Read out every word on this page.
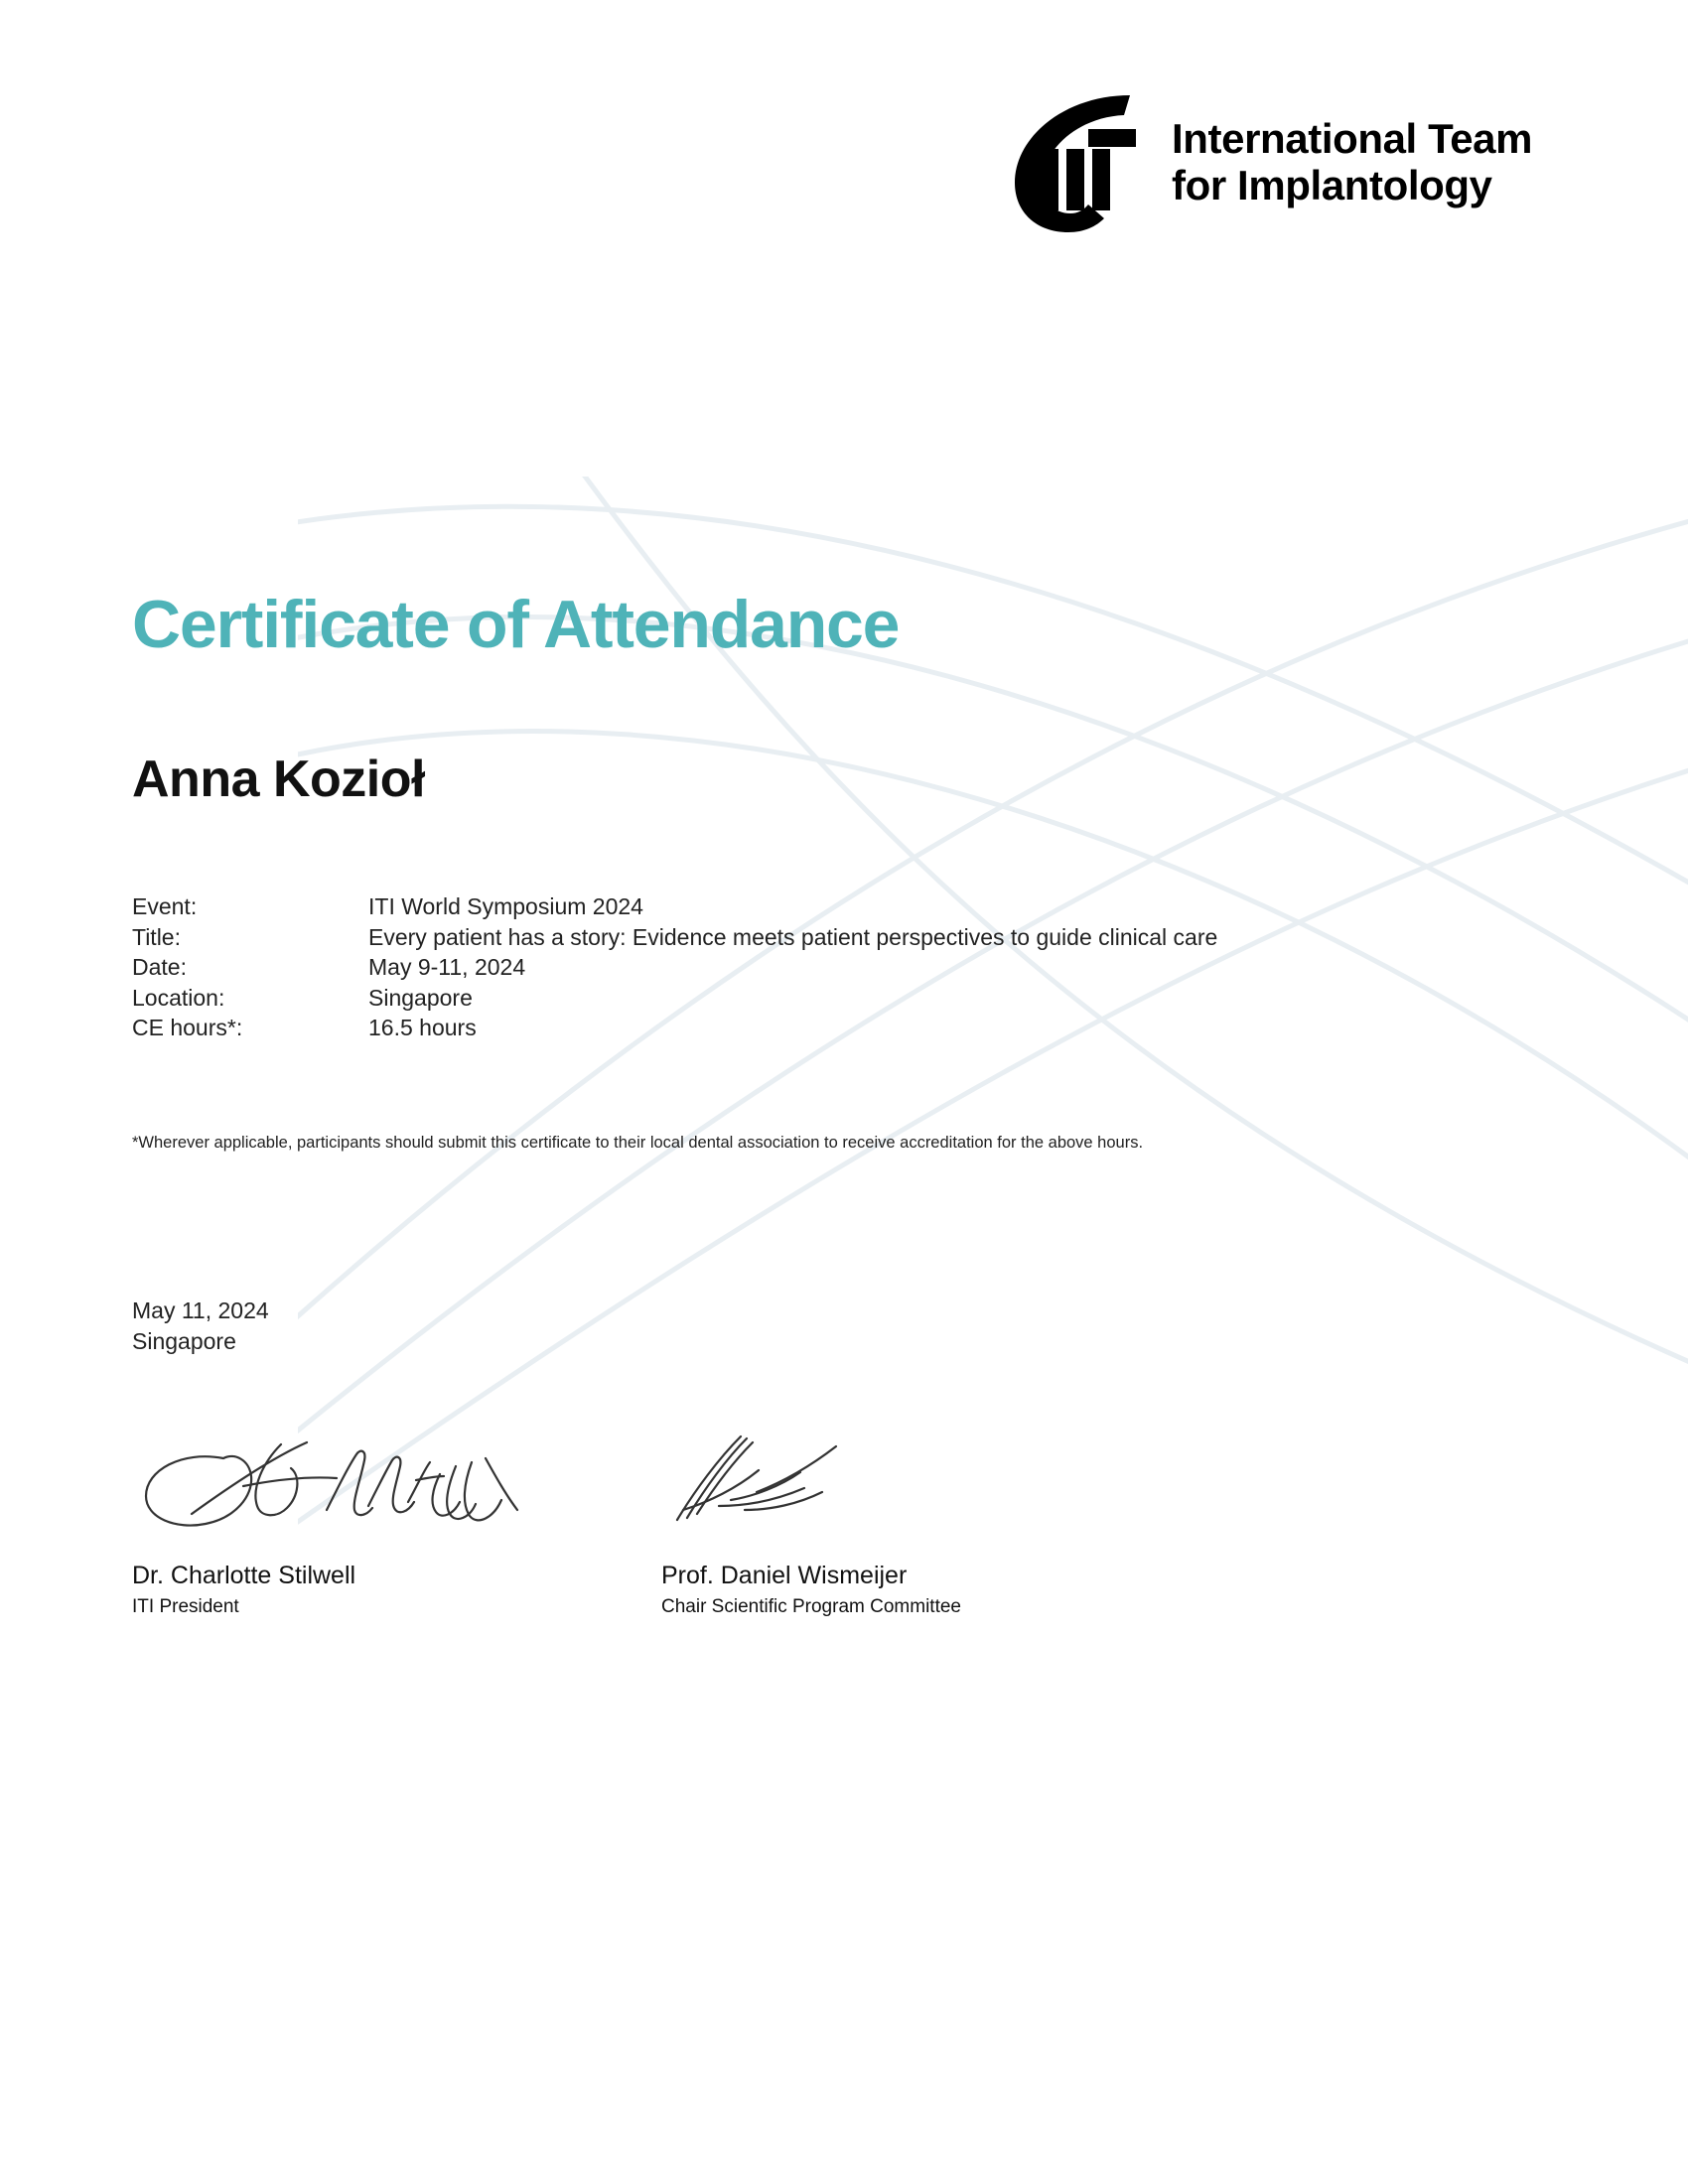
International Team
for Implantology
Certificate of Attendance
Anna Kozioł
Event:	ITI World Symposium 2024
Title:	Every patient has a story: Evidence meets patient perspectives to guide clinical care
Date:	May 9-11, 2024
Location:	Singapore
CE hours*:	16.5 hours
*Wherever applicable, participants should submit this certificate to their local dental association to receive accreditation for the above hours.
May 11, 2024
Singapore
Dr. Charlotte Stilwell
ITI President
Prof. Daniel Wismeijer
Chair Scientific Program Committee
